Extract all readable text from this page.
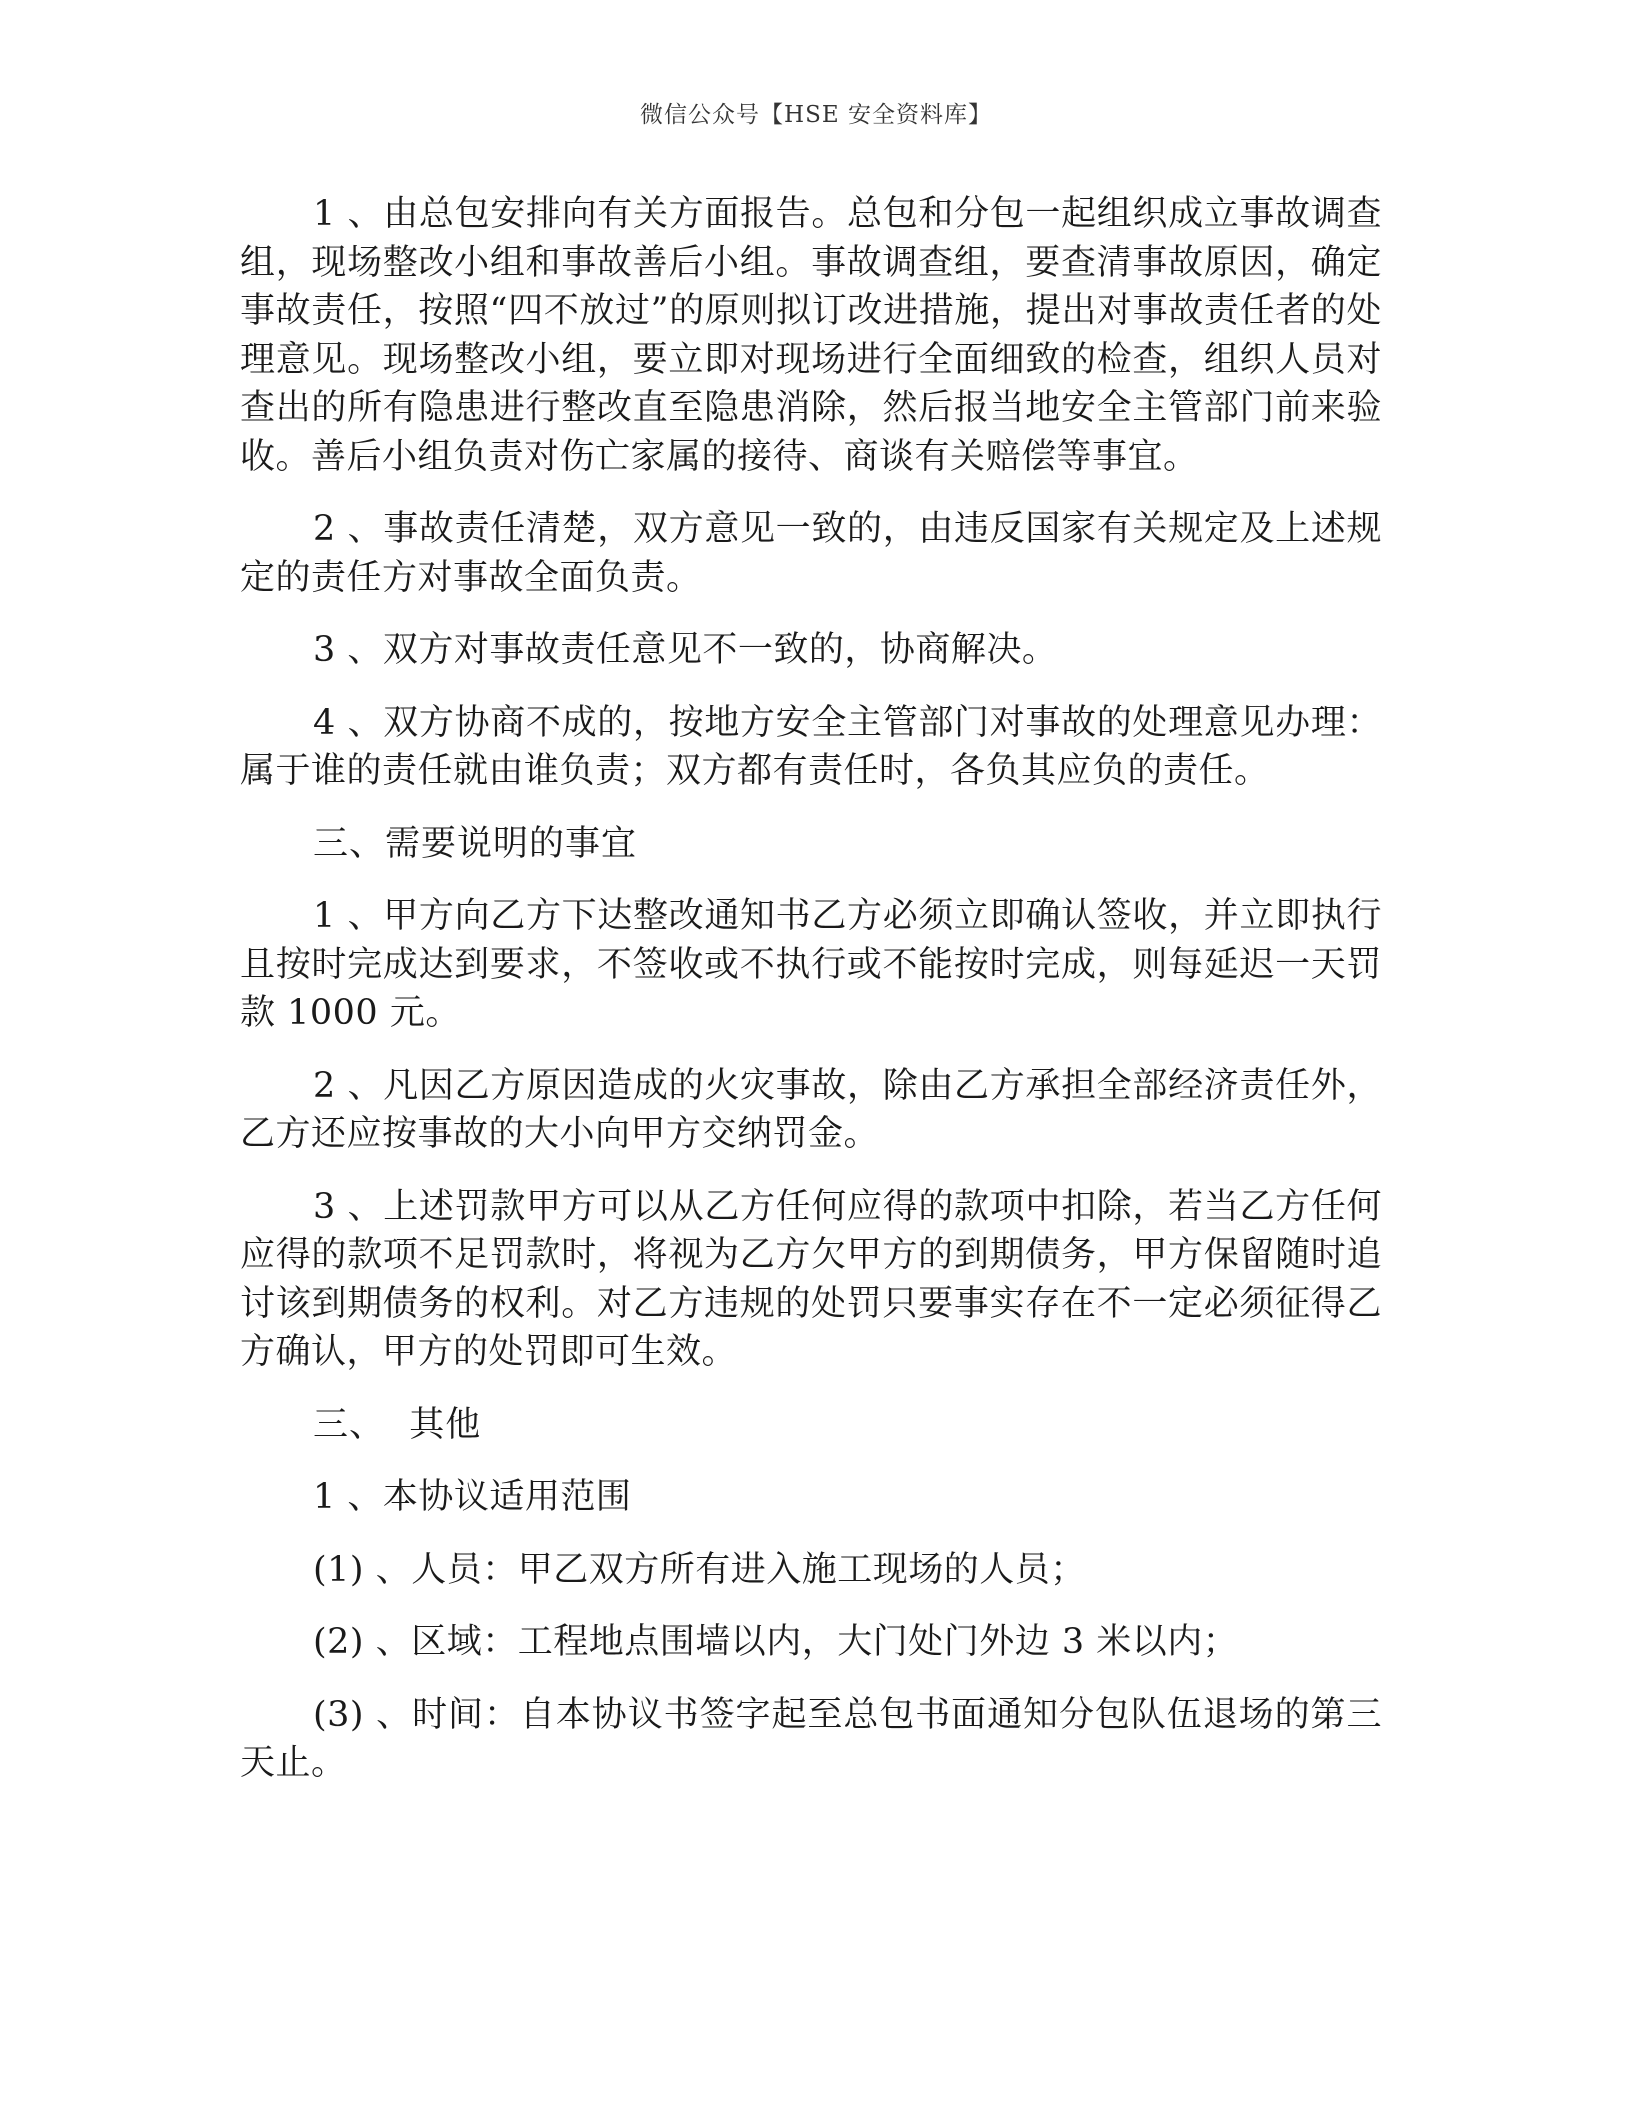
微信公众号【HSE 安全资料库】

1 、由总包安排向有关方面报告。总包和分包一起组织成立事故调查组，现场整改小组和事故善后小组。事故调查组，要查清事故原因，确定事故责任，按照“四不放过”的原则拟订改进措施，提出对事故责任者的处理意见。现场整改小组，要立即对现场进行全面细致的检查，组织人员对查出的所有隐患进行整改直至隐患消除，然后报当地安全主管部门前来验收。善后小组负责对伤亡家属的接待、商谈有关赔偿等事宜。

2 、事故责任清楚，双方意见一致的，由违反国家有关规定及上述规定的责任方对事故全面负责。

3 、双方对事故责任意见不一致的，协商解决。

4 、双方协商不成的，按地方安全主管部门对事故的处理意见办理：属于谁的责任就由谁负责；双方都有责任时，各负其应负的责任。

三、需要说明的事宜

1 、甲方向乙方下达整改通知书乙方必须立即确认签收，并立即执行且按时完成达到要求，不签收或不执行或不能按时完成，则每延迟一天罚款 1000 元。

2 、凡因乙方原因造成的火灾事故，除由乙方承担全部经济责任外，乙方还应按事故的大小向甲方交纳罚金。

3 、上述罚款甲方可以从乙方任何应得的款项中扣除，若当乙方任何应得的款项不足罚款时，将视为乙方欠甲方的到期债务，甲方保留随时追讨该到期债务的权利。对乙方违规的处罚只要事实存在不一定必须征得乙方确认，甲方的处罚即可生效。

三、  其他

1 、本协议适用范围

(1) 、人员：甲乙双方所有进入施工现场的人员；

(2) 、区域：工程地点围墙以内，大门处门外边 3 米以内；

(3) 、时间：自本协议书签字起至总包书面通知分包队伍退场的第三天止。
